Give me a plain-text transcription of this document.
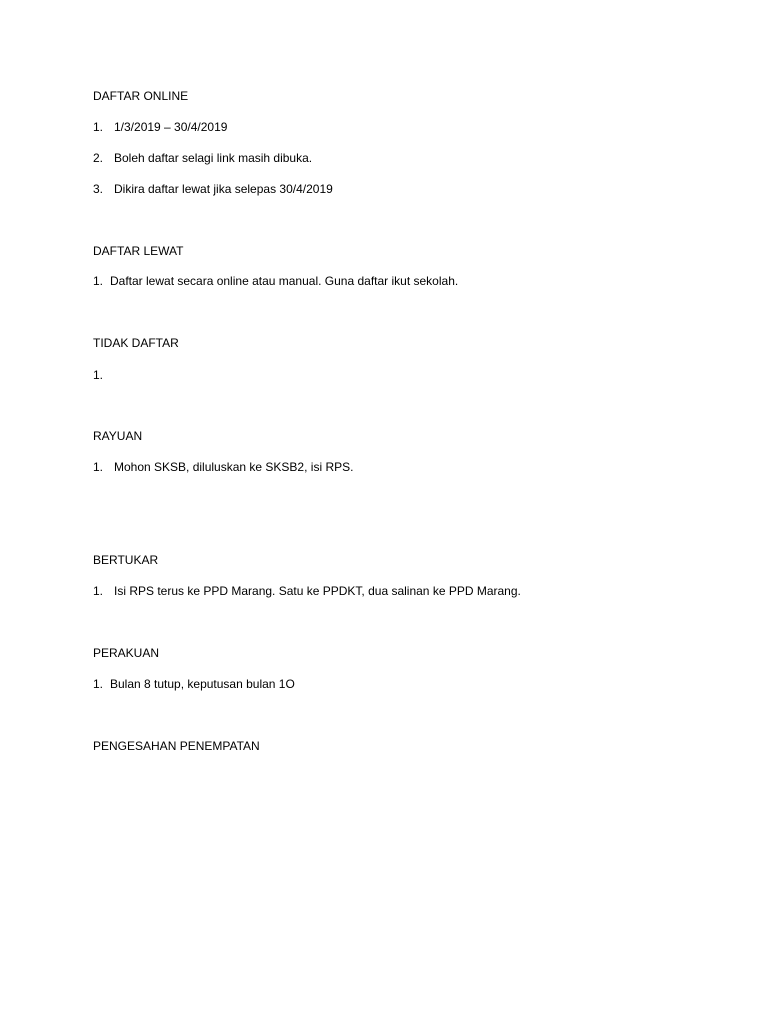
DAFTAR ONLINE
1. 1/3/2019 – 30/4/2019
2. Boleh daftar selagi link masih dibuka.
3. Dikira daftar lewat jika selepas 30/4/2019
DAFTAR LEWAT
1. Daftar lewat secara online atau manual. Guna daftar ikut sekolah.
TIDAK DAFTAR
1.
RAYUAN
1. Mohon SKSB, diluluskan ke SKSB2, isi RPS.
BERTUKAR
1. Isi RPS terus ke PPD Marang. Satu ke PPDKT, dua salinan ke PPD Marang.
PERAKUAN
1. Bulan 8 tutup, keputusan bulan 1O
PENGESAHAN PENEMPATAN
